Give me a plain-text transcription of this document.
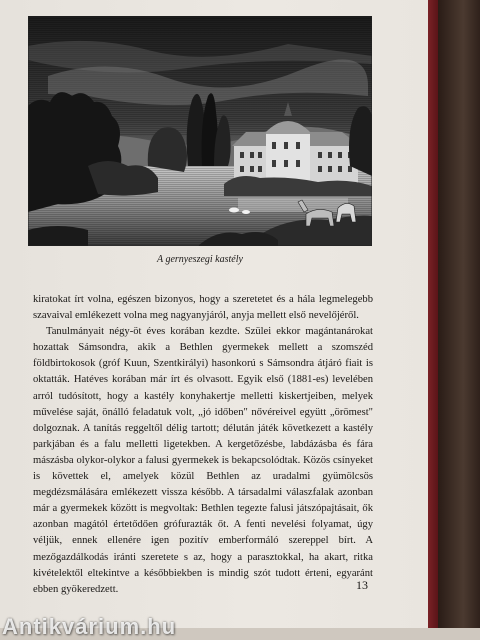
A gernyeszegi kastély

kiratokat írt volna, egészen bizonyos, hogy a szeretetet és a hála legmelegebb szavaival emlékezett volna meg nagyanyjáról, anyja mellett első nevelőjéről.

Tanulmányait négy-öt éves korában kezdte. Szülei ekkor magántanárokat hozattak Sámsondra, akik a Bethlen gyermekek mellett a szomszéd földbirtokosok (gróf Kuun, Szentkirályi) hasonkorú s Sámsondra átjáró fiait is oktatták. Hatéves korában már írt és olvasott. Egyik első (1881-es) levelében arról tudósított, hogy a kastély konyhakertje melletti kiskertjeiben, melyek művelése saját, önálló feladatuk volt, „jó időben" nővéreivel együtt „örömest" dolgoznak. A tanítás reggeltől délig tartott; délután játék következett a kastély parkjában és a falu melletti ligetekben. A kergetőzésbe, labdázásba és fára mászásba olykor-olykor a falusi gyermekek is bekapcsolódtak. Közös csínyeket is követtek el, amelyek közül Bethlen az uradalmi gyümölcsös megdézsmálására emlékezett vissza később. A társadalmi válaszfalak azonban már a gyermekek között is megvoltak: Bethlen tegezte falusi játszópajtásait, ők azonban magától értetődően grófurazták őt. A fenti nevelési folyamat, úgy véljük, ennek ellenére igen pozitív emberformáló szereppel bírt. A mezőgazdálkodás iránti szeretete s az, hogy a parasztokkal, ha akart, ritka kivételektől eltekintve a későbbiekben is mindig szót tudott érteni, egyaránt ebben gyökeredzett.	13
Antikvárium.hu
